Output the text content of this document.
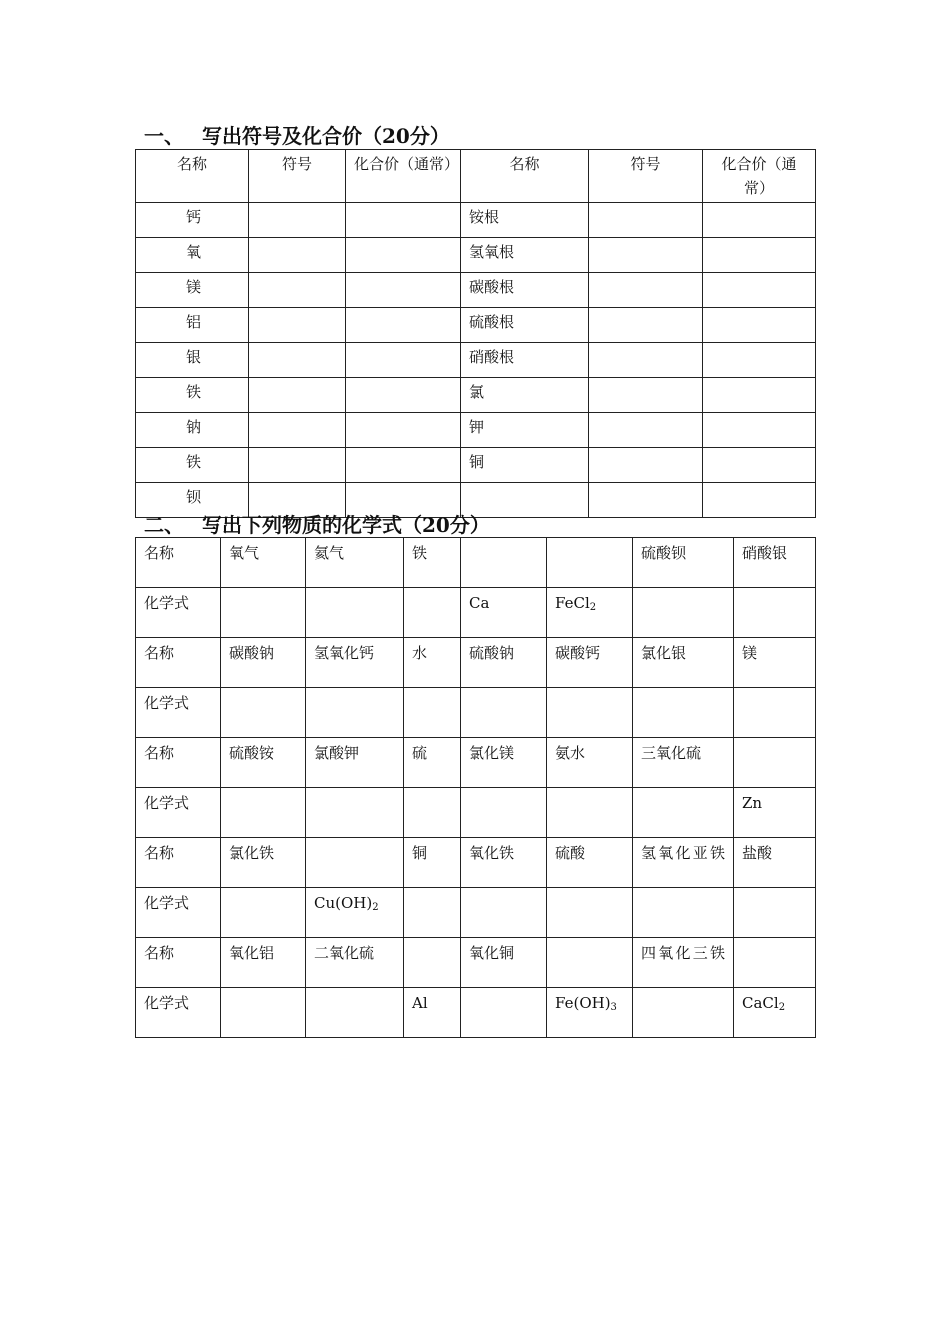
一、 写出符号及化合价（20分）
名称	符号	化合价（通常）	名称	符号	化合价（通常）
钙			铵根		
氧			氢氧根		
镁			碳酸根		
铝			硫酸根		
银			硝酸根		
铁			氯		
钠			钾		
铁			铜		
钡					
二、 写出下列物质的化学式（20分）
名称	氧气	氦气	铁			硫酸钡	硝酸银
化学式				Ca	FeCl$_2$		
名称	碳酸钠	氢氧化钙	水	硫酸钠	碳酸钙	氯化银	镁
化学式							
名称	硫酸铵	氯酸钾	硫	氯化镁	氨水	三氧化硫	
化学式							Zn
名称	氯化铁		铜	氧化铁	硫酸	氢氧化亚铁	盐酸
化学式		$Cu(OH)_2$					
名称	氧化铝	二氧化硫		氧化铜		四氧化三铁	
化学式			Al		$Fe(OH)_3$		CaCl$_2$
